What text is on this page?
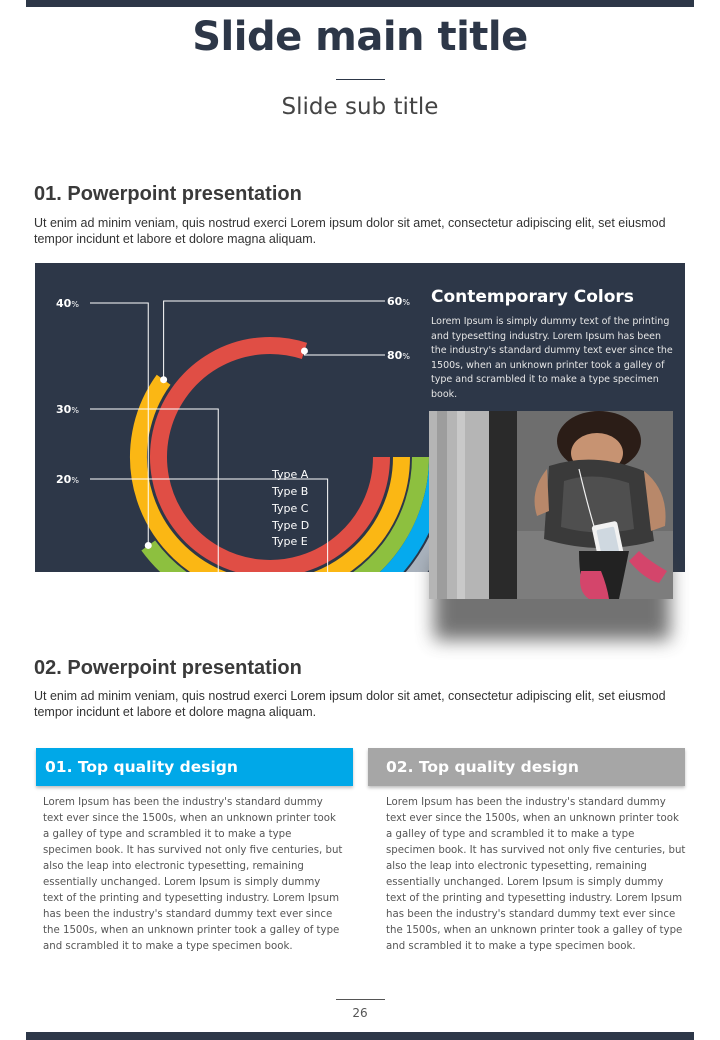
Slide main title
Slide sub title
01. Powerpoint presentation

Ut enim ad minim veniam, quis nostrud exerci Lorem ipsum dolor sit amet, consectetur adipiscing elit, set eiusmod tempor incidunt et labore et dolore magna aliquam.

40%
30%
20%
60%
80%
Type A
Type B
Type C
Type D
Type E
Contemporary Colors

Lorem Ipsum is simply dummy text of the printing and typesetting industry. Lorem Ipsum has been the industry's standard dummy text ever since the 1500s, when an unknown printer took a galley of type and scrambled it to make a type specimen book.

02. Powerpoint presentation

Ut enim ad minim veniam, quis nostrud exerci Lorem ipsum dolor sit amet, consectetur adipiscing elit, set eiusmod tempor incidunt et labore et dolore magna aliquam.

01. Top quality design	02. Top quality design

Lorem Ipsum has been the industry's standard dummy text ever since the 1500s, when an unknown printer took a galley of type and scrambled it to make a type specimen book. It has survived not only five centuries, but also the leap into electronic typesetting, remaining essentially unchanged. Lorem Ipsum is simply dummy text of the printing and typesetting industry. Lorem Ipsum has been the industry's standard dummy text ever since the 1500s, when an unknown printer took a galley of type and scrambled it to make a type specimen book.

Lorem Ipsum has been the industry's standard dummy text ever since the 1500s, when an unknown printer took a galley of type and scrambled it to make a type specimen book. It has survived not only five centuries, but also the leap into electronic typesetting, remaining essentially unchanged. Lorem Ipsum is simply dummy text of the printing and typesetting industry. Lorem Ipsum has been the industry's standard dummy text ever since the 1500s, when an unknown printer took a galley of type and scrambled it to make a type specimen book.

26
